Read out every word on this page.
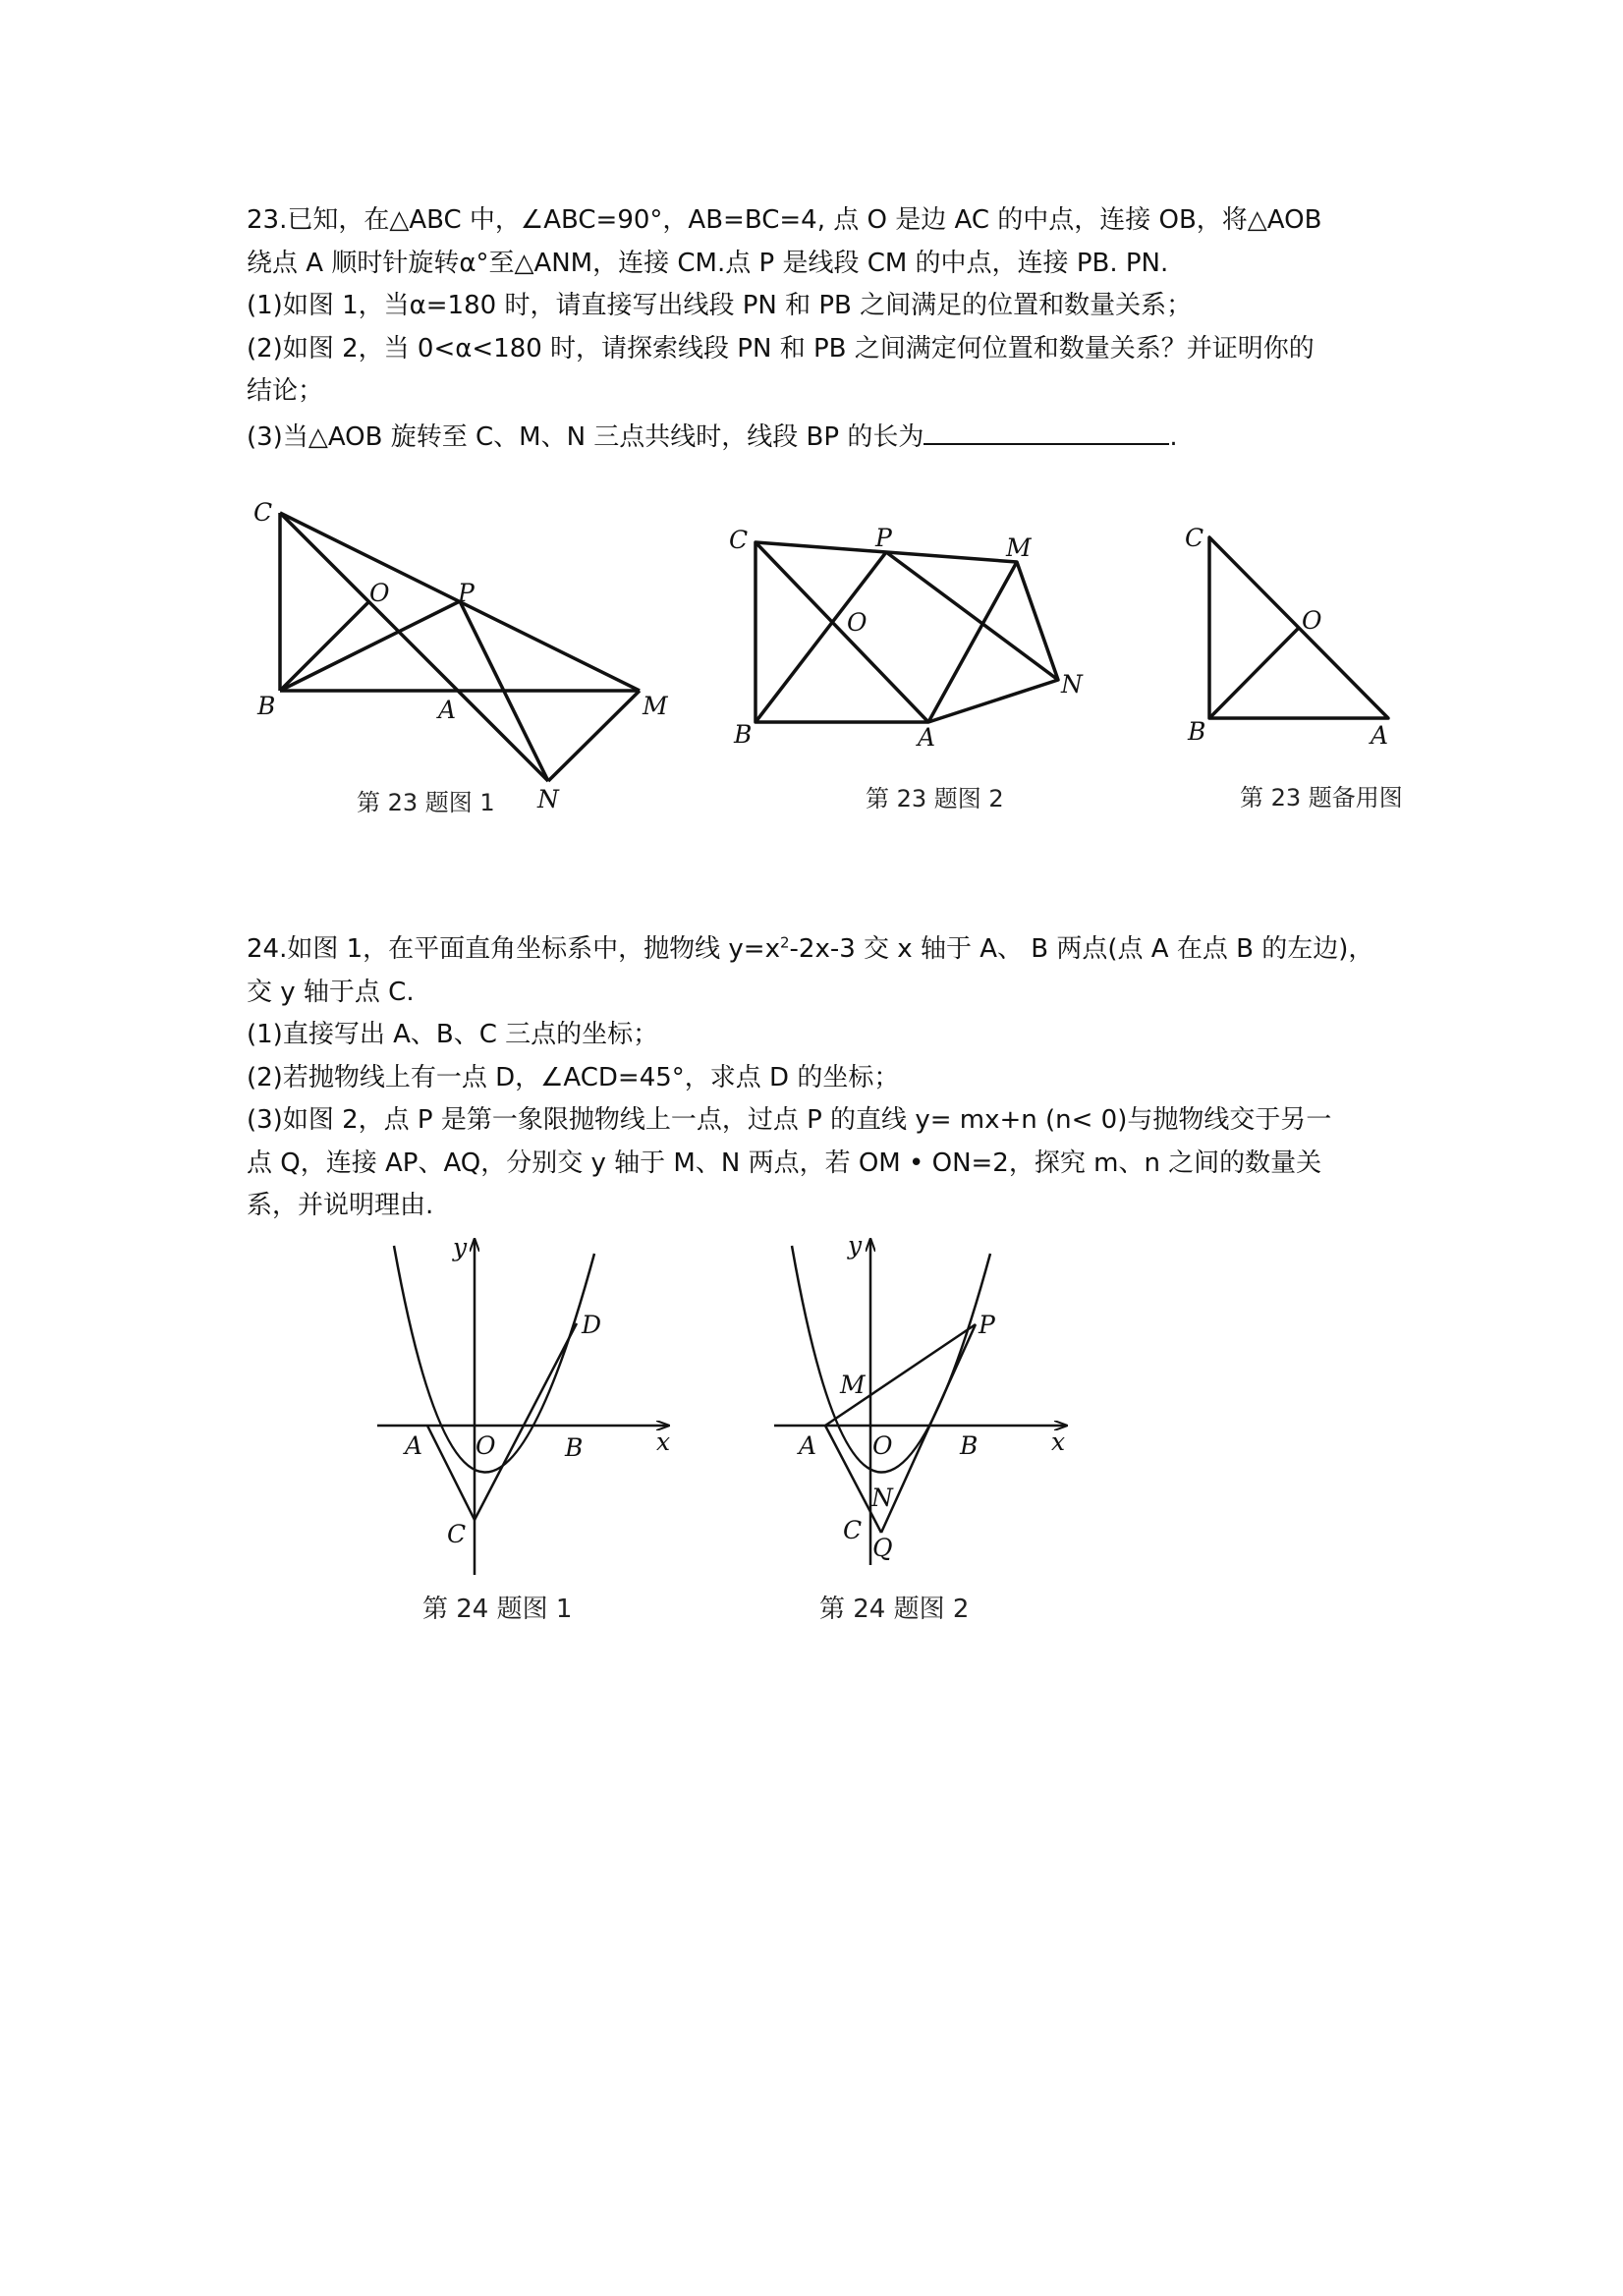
23.已知，在△ABC 中，∠ABC=90°，AB=BC=4, 点 O 是边 AC 的中点，连接 OB，将△AOB

绕点 A 顺时针旋转α°至△ANM，连接 CM.点 P 是线段 CM 的中点，连接 PB. PN.

(1)如图 1，当α=180 时，请直接写出线段 PN 和 PB 之间满足的位置和数量关系；

(2)如图 2，当 0<α<180 时，请探索线段 PN 和 PB 之间满定何位置和数量关系？并证明你的

结论；

(3)当△AOB 旋转至 C、M、N 三点共线时，线段 BP 的长为	.

C
O	P
B	A	M
N
第 23 题图 1
C	P	M
O
N
B	A
第 23 题图 2
C
O
B	A
第 23 题备用图

24.如图 1，在平面直角坐标系中，抛物线 $y=x^2-2x-3$ 交 x 轴于 A、 B 两点(点 A 在点 B 的左边)，

交 y 轴于点 C.

(1)直接写出 A、B、C 三点的坐标；

(2)若抛物线上有一点 D，∠ACD=45°，求点 D 的坐标；

(3)如图 2，点 P 是第一象限抛物线上一点，过点 P 的直线 y= mx+n (n< 0)与抛物线交于另一

点 Q，连接 AP、AQ，分别交 y 轴于 M、N 两点，若 OM • ON=2，探究 m、n 之间的数量关

系，并说明理由.

y
x
A O	B
C
D
第 24 题图 1
y
x
M
P
A O	B
N
C
Q
第 24 题图 2
